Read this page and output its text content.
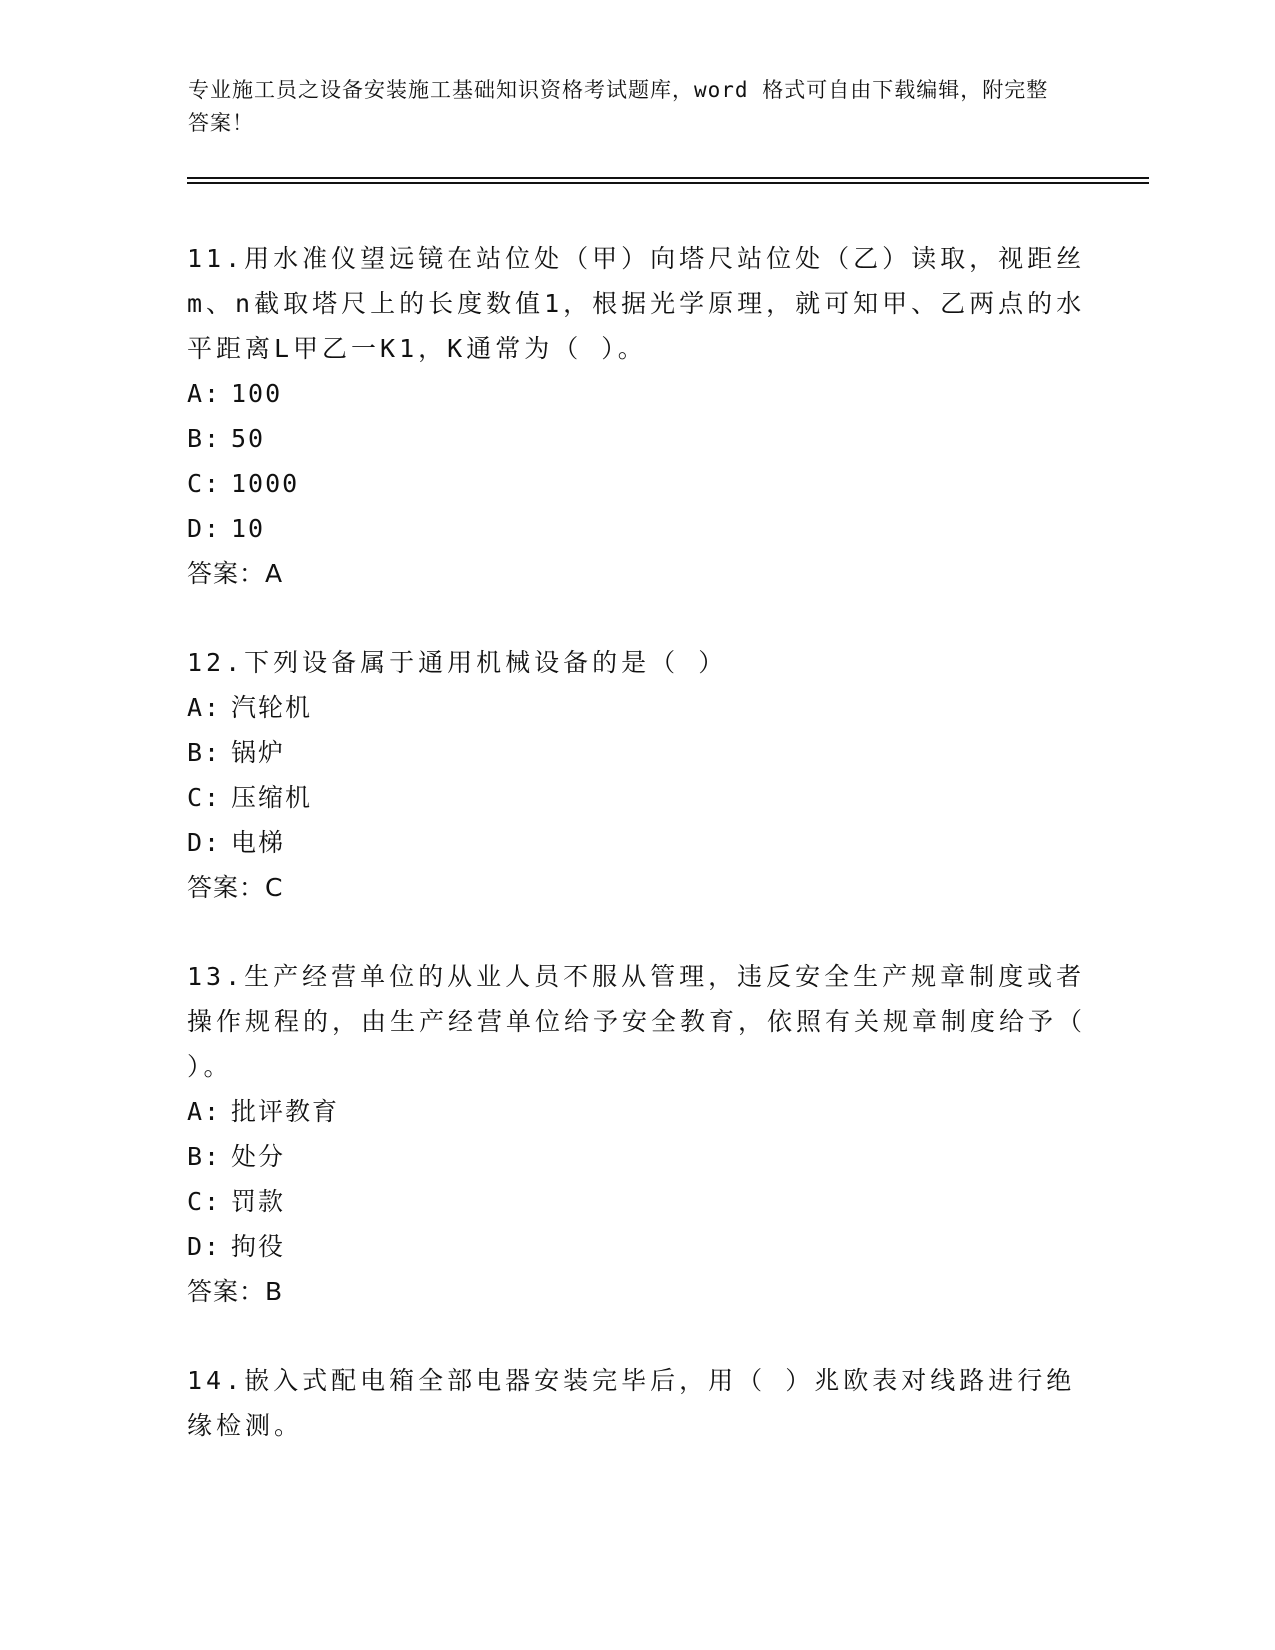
专业施工员之设备安装施工基础知识资格考试题库，word 格式可自由下载编辑，附完整答案！
11.用水准仪望远镜在站位处（甲）向塔尺站位处（乙）读取，视距丝m、n截取塔尺上的长度数值1，根据光学原理，就可知甲、乙两点的水平距离L甲乙一K1，K通常为（ ）。
A: 100
B: 50
C: 1000
D: 10
答案：A
12.下列设备属于通用机械设备的是（ ）
A: 汽轮机
B: 锅炉
C: 压缩机
D: 电梯
答案：C
13.生产经营单位的从业人员不服从管理，违反安全生产规章制度或者操作规程的，由生产经营单位给予安全教育，依照有关规章制度给予（ ）。
A: 批评教育
B: 处分
C: 罚款
D: 拘役
答案：B
14.嵌入式配电箱全部电器安装完毕后，用（ ）兆欧表对线路进行绝缘检测。
